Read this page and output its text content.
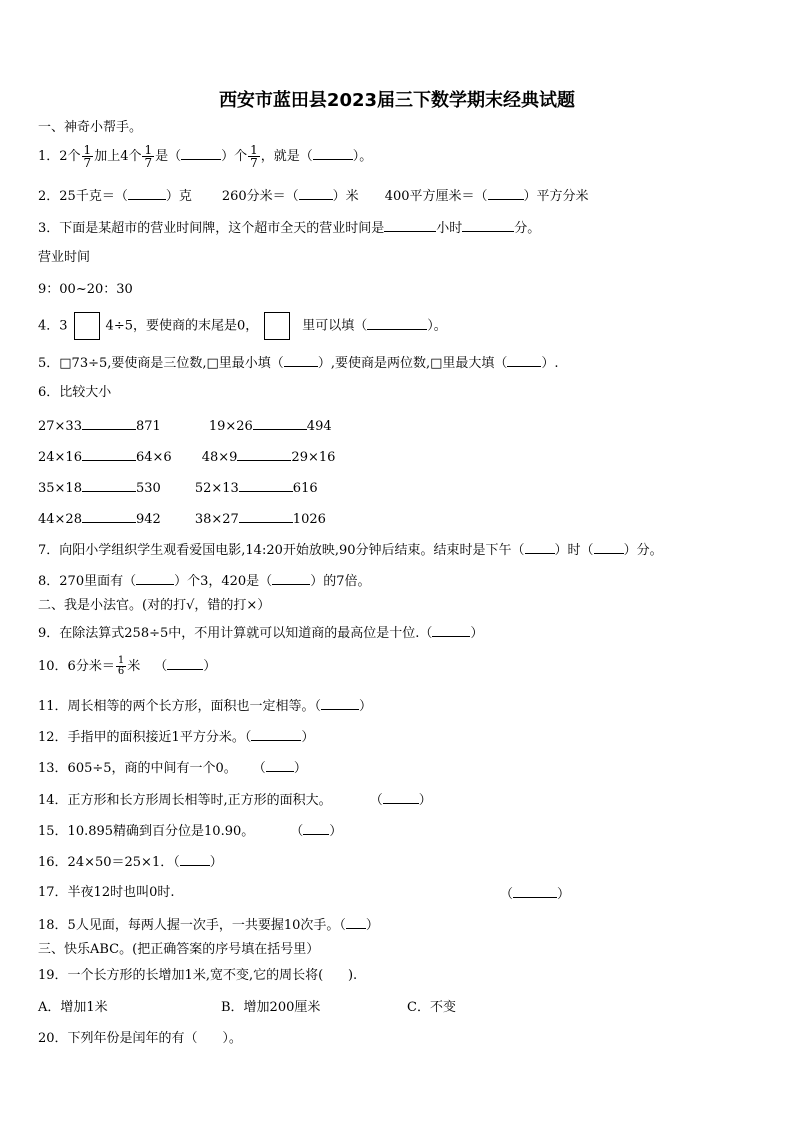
西安市蓝田县2023届三下数学期末经典试题
一、神奇小帮手。
1．2个 $\frac{1}{7}$ 加上4个 $\frac{1}{7}$ 是（	）个 $\frac{1}{7}$ ，就是（	）。
2．25千克＝（	）克 260分米＝（	）米 400平方厘米＝（	）平方分米
3．下面是某超市的营业时间牌，这个超市全天的营业时间是	小时	分。
营业时间
9：00~20：30
4．3	4÷5，要使商的末尾是0，	里可以填（	）。
5．□73÷5,要使商是三位数,□里最小填（	）,要使商是两位数,□里最大填（	）.
6．比较大小
27×33	871	19×26	494
24×16	64×6 48×9	29×16
35×18	530	52×13	616
44×28	942	38×27	1026
7．向阳小学组织学生观看爱国电影,14:20开始放映,90分钟后结束。结束时是下午（ ）时（ ）分。
8．270里面有（	）个3，420是（	）的7倍。
二、我是小法官。(对的打√，错的打×）
9．在除法算式258÷5中，不用计算就可以知道商的最高位是十位.（	）
10．6分米＝ $\frac{1}{6}$ 米 （	）
11．周长相等的两个长方形，面积也一定相等。（	）
12．手指甲的面积接近1平方分米。（	）
13．605÷5，商的中间有一个0。 （ ）
14．正方形和长方形周长相等时,正方形的面积大。	（	）
15．10.895精确到百分位是10.90。	（ ）
16．24×50＝25×1．（ ）
17．半夜12时也叫0时.	（	）
18．5人见面，每两人握一次手，一共要握10次手。（ ）
三、快乐ABC。(把正确答案的序号填在括号里）
19．一个长方形的长增加1米,宽不变,它的周长将(      ).
A．增加1米	B．增加200厘米	C．不变
20．下列年份是闰年的有（      ）。
